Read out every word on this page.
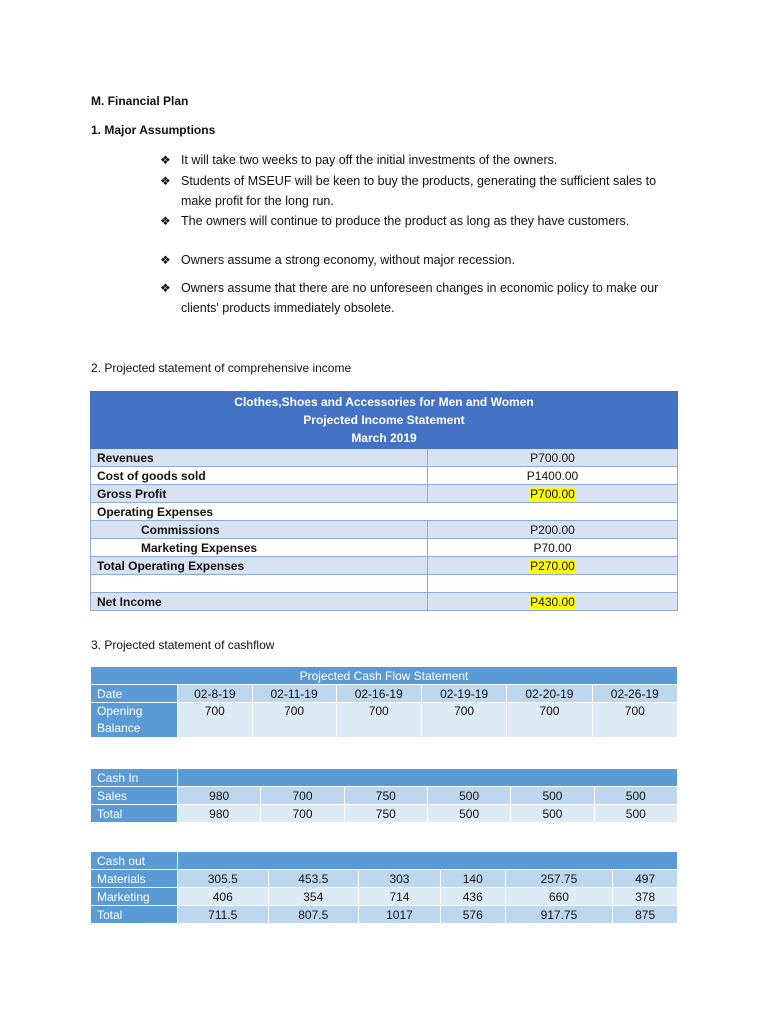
M. Financial Plan
1. Major Assumptions
❖ It will take two weeks to pay off the initial investments of the owners.
❖ Students of MSEUF will be keen to buy the products, generating the sufficient sales to make profit for the long run.
❖ The owners will continue to produce the product as long as they have customers.
❖ Owners assume a strong economy, without major recession.
❖ Owners assume that there are no unforeseen changes in economic policy to make our clients' products immediately obsolete.
2. Projected statement of comprehensive income
Clothes,Shoes and Accessories for Men and Women
Projected Income Statement
March 2019	

Revenues	P700.00
Cost of goods sold	P1400.00
Gross Profit	P700.00
Operating Expenses	
Commissions	P200.00
Marketing Expenses	P70.00
Total Operating Expenses	P270.00

Net Income	P430.00
3. Projected statement of cashflow
Projected Cash Flow Statement						
Date	02-8-19	02-11-19	02-16-19	02-19-19	02-20-19	02-26-19

Opening
Balance	700	700	700	700	700	700
Cash In						
Sales	980	700	750	500	500	500
Total	980	700	750	500	500	500
Cash out						
Materials	305.5	453.5	303	140	257.75	497
Marketing	406	354	714	436	660	378
Total	711.5	807.5	1017	576	917.75	875
